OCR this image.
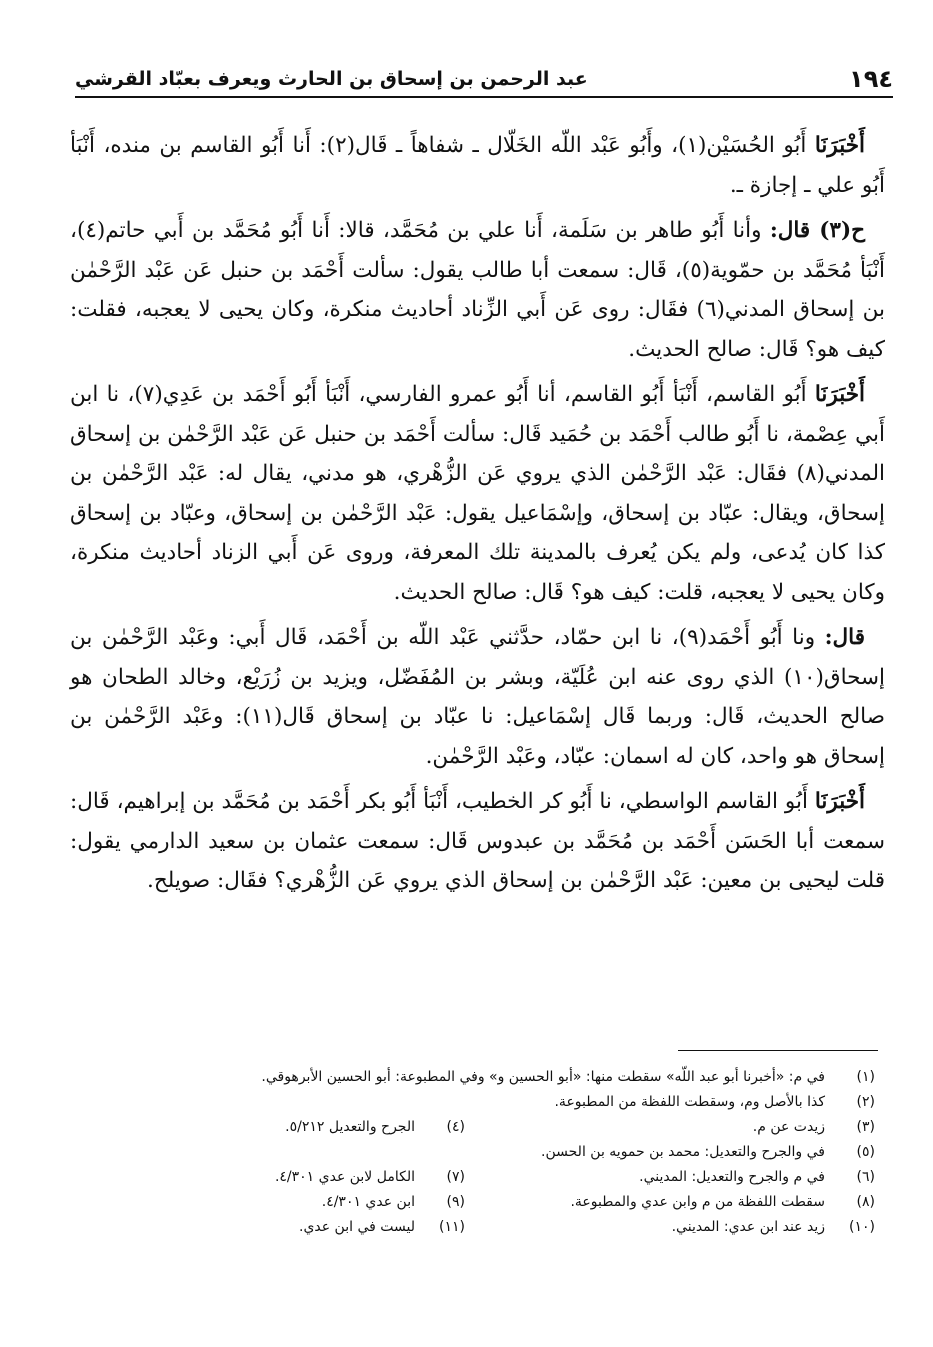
١٩٤
عبد الرحمن بن إسحاق بن الحارث ويعرف بعبّاد القرشي

أَخْبَرَنَا أَبُو الحُسَيْن(١)، وأَبُو عَبْد اللّه الخَلّال ـ شفاهاً ـ قَال(٢): أَنا أَبُو القاسم بن منده، أَنْبَأ أَبُو علي ـ إجازة ـ.

ح(٣) قال: وأنا أَبُو طاهر بن سَلَمة، أَنا علي بن مُحَمَّد، قالا: أَنا أَبُو مُحَمَّد بن أَبي حاتم(٤)، أَنْبَأ مُحَمَّد بن حمّوية(٥)، قَال: سمعت أبا طالب يقول: سألت أَحْمَد بن حنبل عَن عَبْد الرَّحْمٰن بن إسحاق المدني(٦) فقَال: روى عَن أَبي الزِّناد أحاديث منكرة، وكان يحيى لا يعجبه، فقلت: كيف هو؟ قَال: صالح الحديث.

أَخْبَرَنَا أَبُو القاسم، أَنْبَأ أَبُو القاسم، أنا أَبُو عمرو الفارسي، أَنْبَأ أَبُو أَحْمَد بن عَدِي(٧)، نا ابن أَبي عِصْمة، نا أَبُو طالب أَحْمَد بن حُمَيد قَال: سألت أَحْمَد بن حنبل عَن عَبْد الرَّحْمٰن بن إسحاق المدني(٨) فقَال: عَبْد الرَّحْمٰن الذي يروي عَن الزُّهْري، هو مدني، يقال له: عَبْد الرَّحْمٰن بن إسحاق، ويقال: عبّاد بن إسحاق، وإسْمَاعيل يقول: عَبْد الرَّحْمٰن بن إسحاق، وعبّاد بن إسحاق كذا كان يُدعى، ولم يكن يُعرف بالمدينة تلك المعرفة، وروى عَن أَبي الزناد أحاديث منكرة، وكان يحيى لا يعجبه، قلت: كيف هو؟ قَال: صالح الحديث.

قال: ونا أَبُو أَحْمَد(٩)، نا ابن حمّاد، حدَّثني عَبْد اللّه بن أَحْمَد، قَال أَبي: وعَبْد الرَّحْمٰن بن إسحاق(١٠) الذي روى عنه ابن عُلَيّة، وبشر بن المُفَضّل، ويزيد بن زُرَيْع، وخالد الطحان هو صالح الحديث، قَال: وربما قَال إسْمَاعيل: نا عبّاد بن إسحاق قَال(١١): وعَبْد الرَّحْمٰن بن إسحاق هو واحد، كان له اسمان: عبّاد، وعَبْد الرَّحْمٰن.

أَخْبَرَنَا أَبُو القاسم الواسطي، نا أَبُو كر الخطيب، أَنْبَأ أَبُو بكر أَحْمَد بن مُحَمَّد بن إبراهيم، قَال: سمعت أبا الحَسَن أَحْمَد بن مُحَمَّد بن عبدوس قَال: سمعت عثمان بن سعيد الدارمي يقول: قلت ليحيى بن معين: عَبْد الرَّحْمٰن بن إسحاق الذي يروي عَن الزُّهْري؟ فقَال: صويلح.

(١)
في م: «أخبرنا أبو عبد اللّه» سقطت منها: «أبو الحسين و» وفي المطبوعة: أبو الحسين الأبرهوقي.
(٢)
كذا بالأصل وم، وسقطت اللفظة من المطبوعة.
(٣)
زيدت عن م.
(٤)
الجرح والتعديل ٥/٢١٢.
(٥)
في والجرح والتعديل: محمد بن حمويه بن الحسن.
(٦)
في م والجرح والتعديل: المديني.
(٧)
الكامل لابن عدي ٤/٣٠١.
(٨)
سقطت اللفظة من م وابن عدي والمطبوعة.
(٩)
ابن عدي ٤/٣٠١.
(١٠)
زيد عند ابن عدي: المديني.
(١١)
ليست في ابن عدي.
